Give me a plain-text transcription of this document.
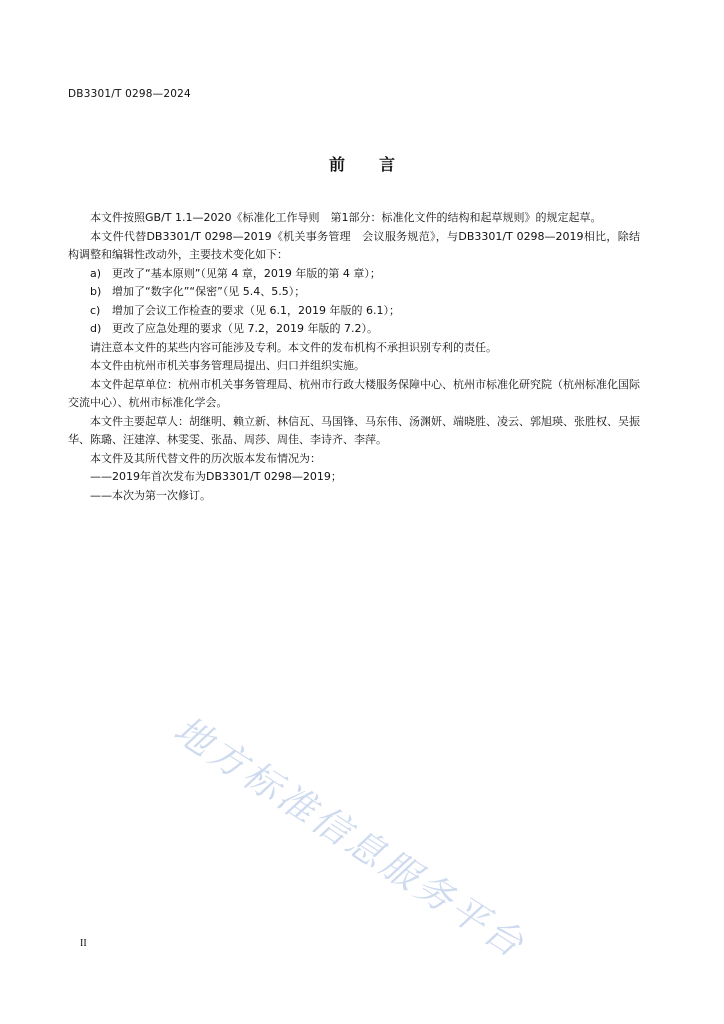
DB3301/T 0298—2024
前言

本文件按照GB/T 1.1—2020《标准化工作导则　第1部分：标准化文件的结构和起草规则》的规定起草。

本文件代替DB3301/T 0298—2019《机关事务管理　会议服务规范》，与DB3301/T 0298—2019相比，除结构调整和编辑性改动外，主要技术变化如下：

a) 更改了“基本原则”（见第 4 章，2019 年版的第 4 章）；

b) 增加了“数字化”“保密”（见 5.4、5.5）；

c) 增加了会议工作检查的要求（见 6.1，2019 年版的 6.1）；

d) 更改了应急处理的要求（见 7.2，2019 年版的 7.2）。

请注意本文件的某些内容可能涉及专利。本文件的发布机构不承担识别专利的责任。

本文件由杭州市机关事务管理局提出、归口并组织实施。

本文件起草单位：杭州市机关事务管理局、杭州市行政大楼服务保障中心、杭州市标准化研究院（杭州标准化国际交流中心）、杭州市标准化学会。

本文件主要起草人：胡继明、赖立新、林信瓦、马国锋、马东伟、汤渊妍、端晓胜、凌云、郭旭瑛、张胜权、吴振华、陈璐、汪建淳、林雯雯、张晶、周莎、周佳、李诗齐、李萍。

本文件及其所代替文件的历次版本发布情况为：

——2019年首次发布为DB3301/T 0298—2019；

——本次为第一次修订。

地方标准信息服务平台
II
